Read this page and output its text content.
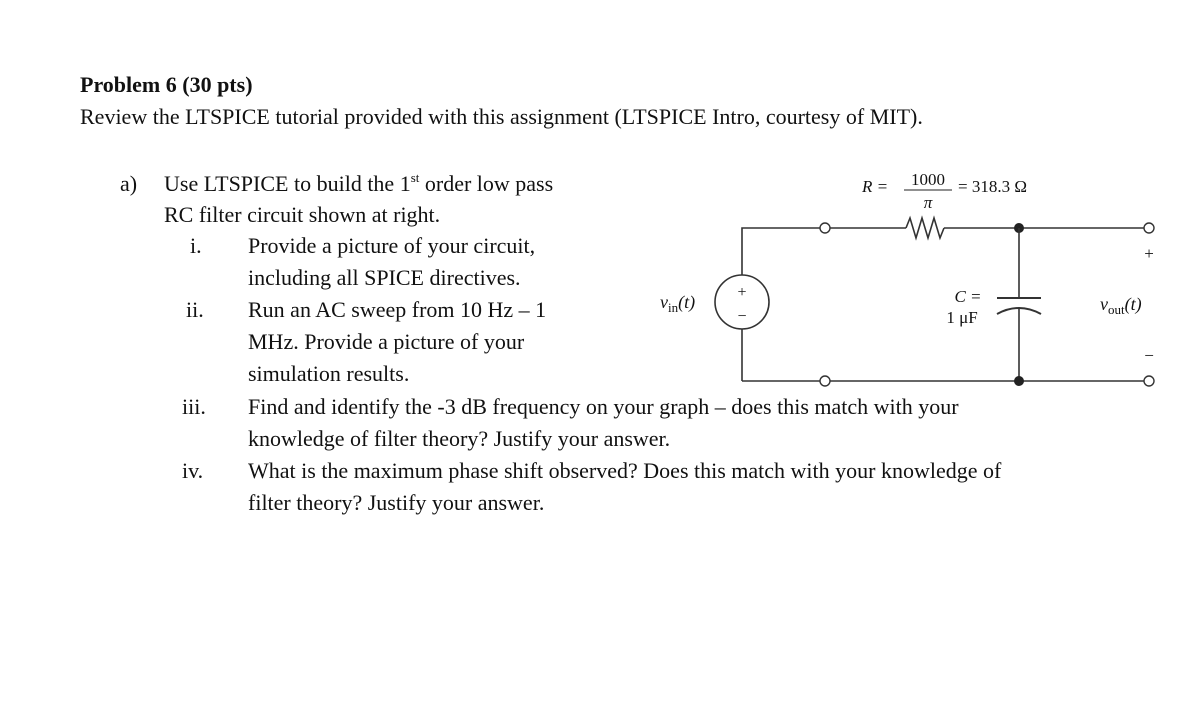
Problem 6 (30 pts)
Review the LTSPICE tutorial provided with this assignment (LTSPICE Intro, courtesy of MIT).
a) Use LTSPICE to build the 1st order low pass
RC filter circuit shown at right.
i. Provide a picture of your circuit,
including all SPICE directives.
ii. Run an AC sweep from 10 Hz – 1
MHz. Provide a picture of your
simulation results.
iii. Find and identify the -3 dB frequency on your graph – does this match with your
knowledge of filter theory? Justify your answer.
iv. What is the maximum phase shift observed? Does this match with your knowledge of
filter theory? Justify your answer.
R = 1000
π
= 318.3 Ω
+
−
$v_{in}(t)$	C =
1 μF
+
−
$v_{out}(t)$
